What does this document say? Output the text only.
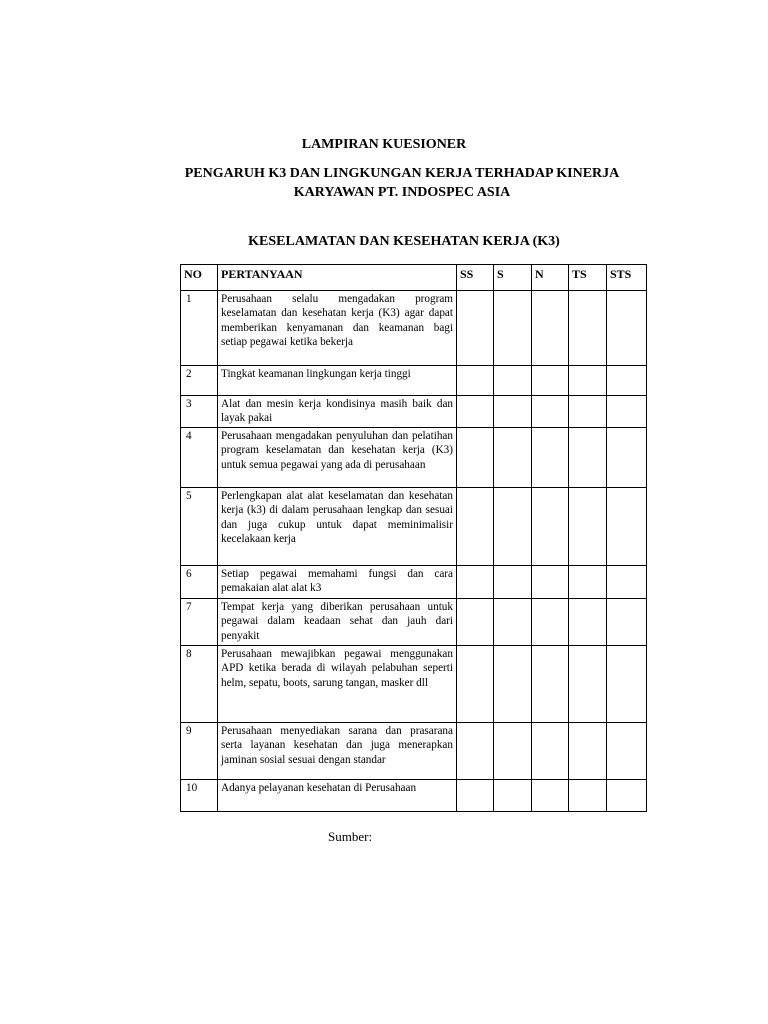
LAMPIRAN KUESIONER
PENGARUH K3 DAN LINGKUNGAN KERJA TERHADAP KINERJA
KARYAWAN PT. INDOSPEC ASIA
KESELAMATAN DAN KESEHATAN KERJA (K3)
NO	PERTANYAAN	SS	S	N	TS	STS
1	Perusahaan selalu mengadakan program keselamatan dan kesehatan kerja (K3) agar dapat memberikan kenyamanan dan keamanan bagi setiap pegawai ketika bekerja					
2	Tingkat keamanan lingkungan kerja tinggi					
3	Alat dan mesin kerja kondisinya masih baik dan layak pakai					
4	Perusahaan mengadakan penyuluhan dan pelatihan program keselamatan dan kesehatan kerja (K3) untuk semua pegawai yang ada di perusahaan					
5	Perlengkapan alat alat keselamatan dan kesehatan kerja (k3) di dalam perusahaan lengkap dan sesuai dan juga cukup untuk dapat meminimalisir kecelakaan kerja					
6	Setiap pegawai memahami fungsi dan cara pemakaian alat alat k3					
7	Tempat kerja yang diberikan perusahaan untuk pegawai dalam keadaan sehat dan jauh dari penyakit					
8	Perusahaan mewajibkan pegawai menggunakan APD ketika berada di wilayah pelabuhan seperti helm, sepatu, boots, sarung tangan, masker dll					
9	Perusahaan menyediakan sarana dan prasarana serta layanan kesehatan dan juga menerapkan jaminan sosial sesuai dengan standar					
10	Adanya pelayanan kesehatan di Perusahaan					
Sumber:
